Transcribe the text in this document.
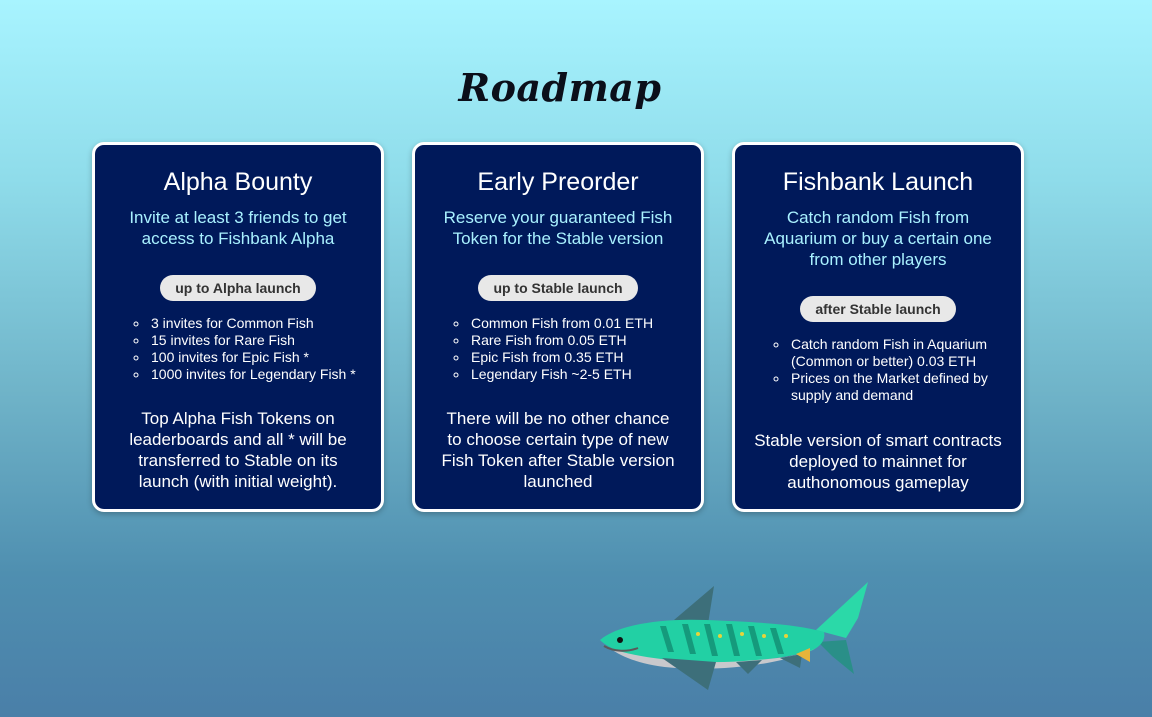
Roadmap
Alpha Bounty
Invite at least 3 friends to get access to Fishbank Alpha
up to Alpha launch
◦ 3 invites for Common Fish
◦ 15 invites for Rare Fish
◦ 100 invites for Epic Fish *
◦ 1000 invites for Legendary Fish *
Top Alpha Fish Tokens on leaderboards and all * will be transferred to Stable on its launch (with initial weight).
Early Preorder
Reserve your guaranteed Fish Token for the Stable version
up to Stable launch
◦ Common Fish from 0.01 ETH
◦ Rare Fish from 0.05 ETH
◦ Epic Fish from 0.35 ETH
◦ Legendary Fish ~2-5 ETH
There will be no other chance to choose certain type of new Fish Token after Stable version launched
Fishbank Launch
Catch random Fish from Aquarium or buy a certain one from other players
after Stable launch
◦ Catch random Fish in Aquarium (Common or better) 0.03 ETH
◦ Prices on the Market defined by supply and demand
Stable version of smart contracts deployed to mainnet for authonomous gameplay
